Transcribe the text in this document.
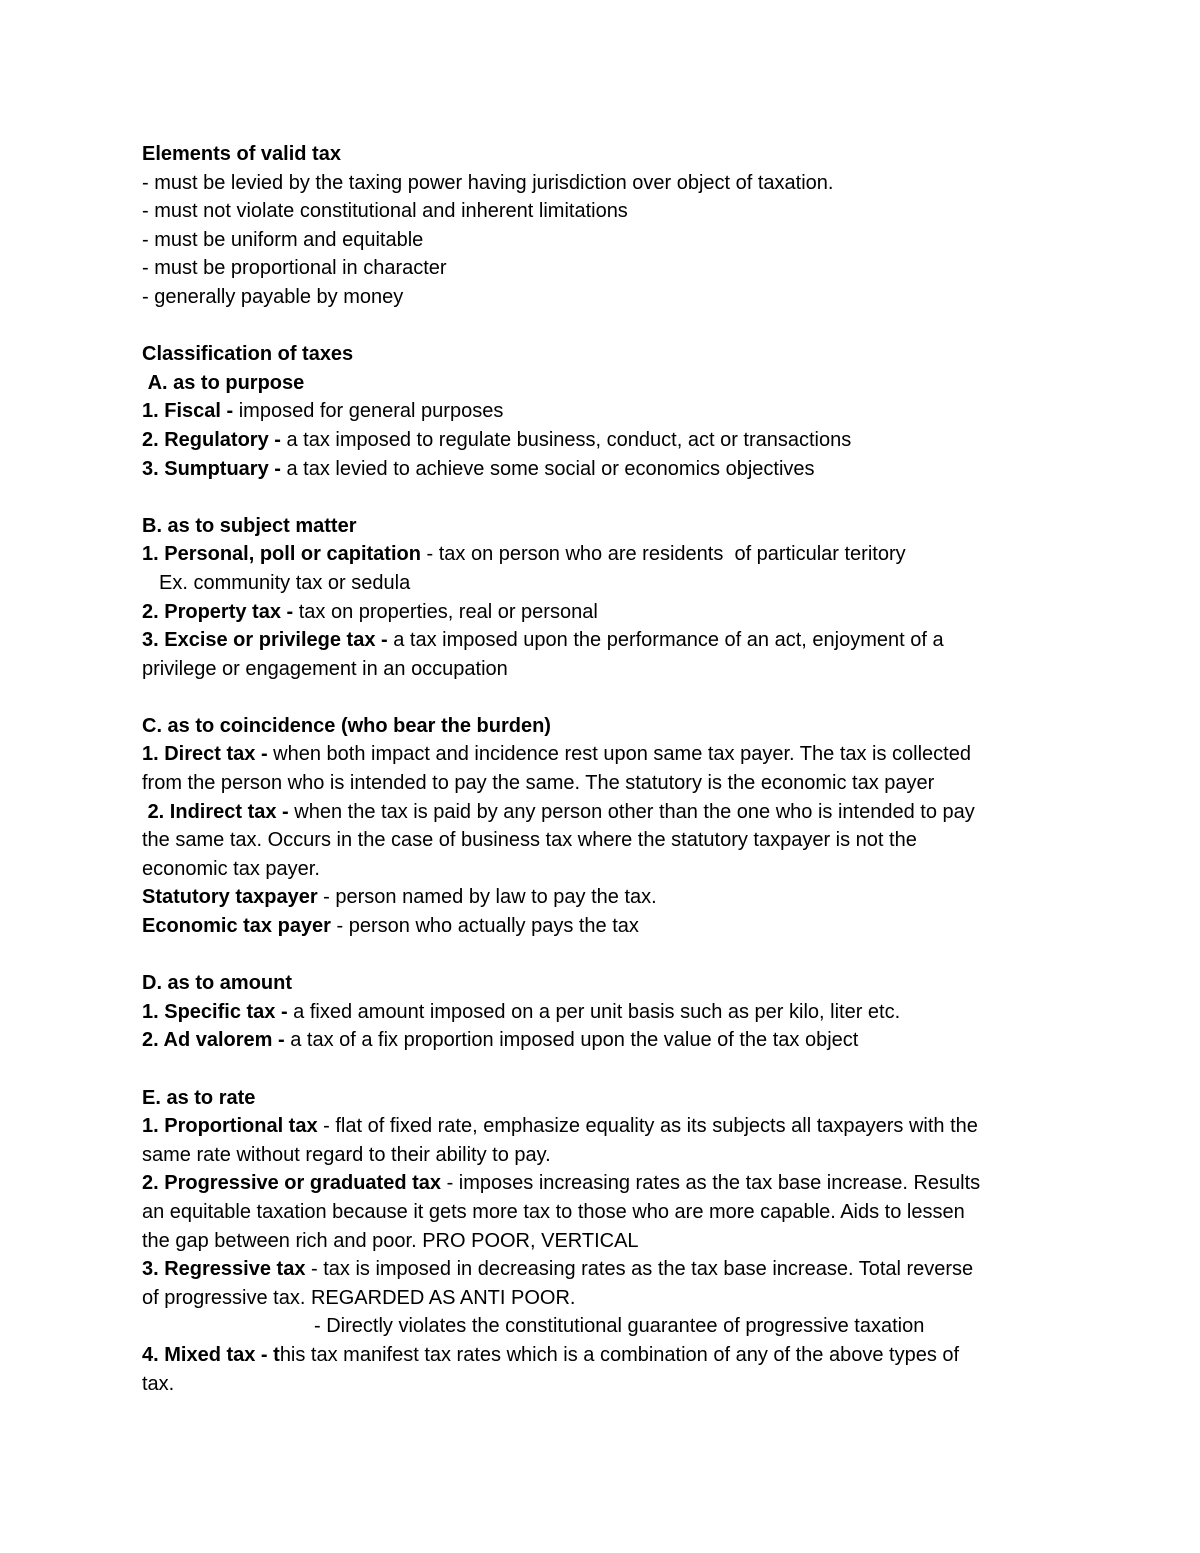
Elements of valid tax
- must be levied by the taxing power having jurisdiction over object of taxation.
- must not violate constitutional and inherent limitations
- must be uniform and equitable
- must be proportional in character
- generally payable by money
Classification of taxes
A. as to purpose
1. Fiscal - imposed for general purposes
2. Regulatory - a tax imposed to regulate business, conduct, act or transactions
3. Sumptuary - a tax levied to achieve some social or economics objectives
B. as to subject matter
1. Personal, poll or capitation - tax on person who are residents  of particular teritory
Ex. community tax or sedula
2. Property tax - tax on properties, real or personal
3. Excise or privilege tax - a tax imposed upon the performance of an act, enjoyment of a
privilege or engagement in an occupation
C. as to coincidence (who bear the burden)
1. Direct tax - when both impact and incidence rest upon same tax payer. The tax is collected
from the person who is intended to pay the same. The statutory is the economic tax payer
2. Indirect tax - when the tax is paid by any person other than the one who is intended to pay
the same tax. Occurs in the case of business tax where the statutory taxpayer is not the
economic tax payer.
Statutory taxpayer - person named by law to pay the tax.
Economic tax payer - person who actually pays the tax
D. as to amount
1. Specific tax - a fixed amount imposed on a per unit basis such as per kilo, liter etc.
2. Ad valorem - a tax of a fix proportion imposed upon the value of the tax object
E. as to rate
1. Proportional tax - flat of fixed rate, emphasize equality as its subjects all taxpayers with the
same rate without regard to their ability to pay.
2. Progressive or graduated tax - imposes increasing rates as the tax base increase. Results
an equitable taxation because it gets more tax to those who are more capable. Aids to lessen
the gap between rich and poor. PRO POOR, VERTICAL
3. Regressive tax - tax is imposed in decreasing rates as the tax base increase. Total reverse
of progressive tax. REGARDED AS ANTI POOR.
- Directly violates the constitutional guarantee of progressive taxation
4. Mixed tax - this tax manifest tax rates which is a combination of any of the above types of
tax.
